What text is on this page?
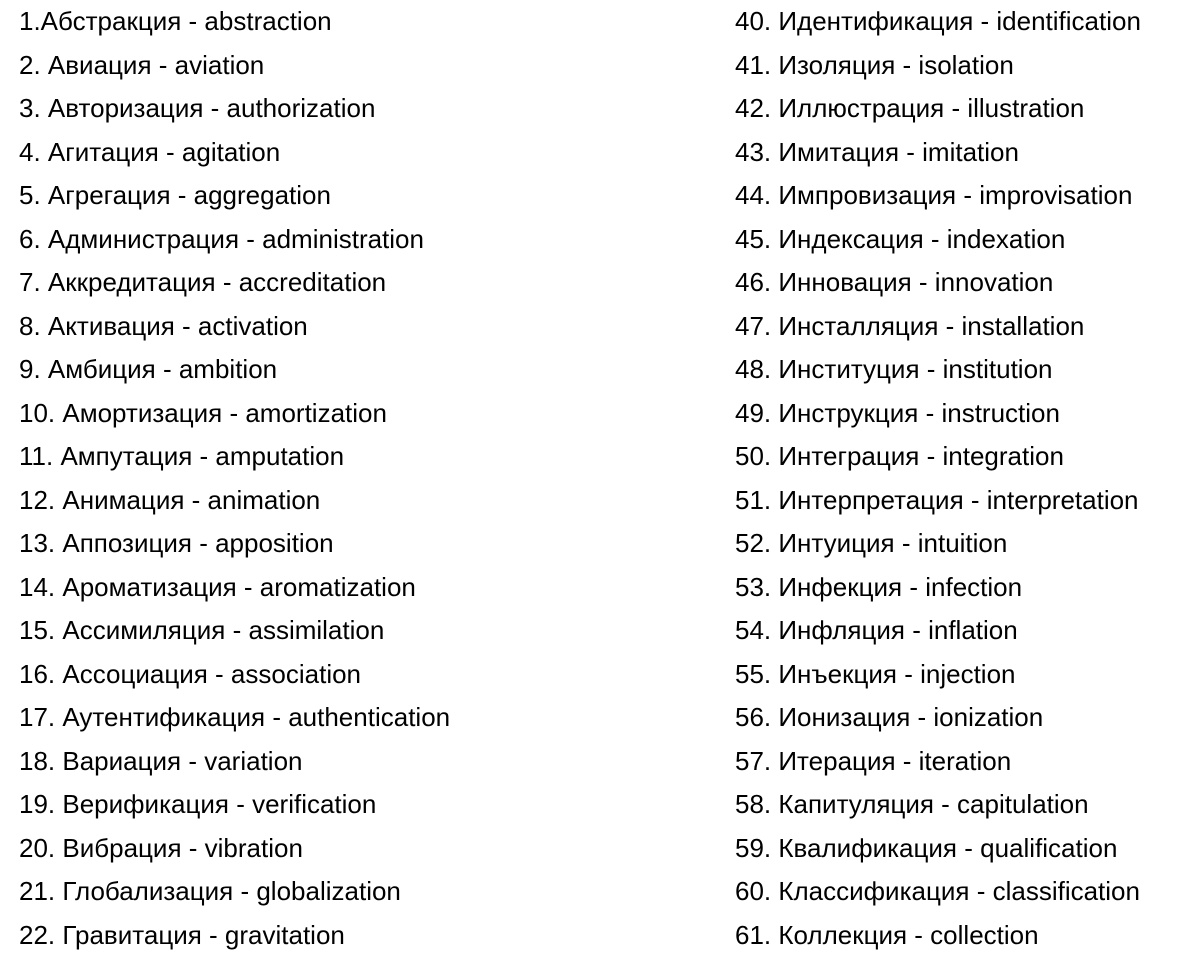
1.Абстракция - abstraction
2. Авиация - aviation
3. Авторизация - authorization
4. Агитация - agitation
5. Агрегация - aggregation
6. Администрация - administration
7. Аккредитация - accreditation
8. Активация - activation
9. Амбиция - ambition
10. Амортизация - amortization
11. Ампутация - amputation
12. Анимация - animation
13. Аппозиция - apposition
14. Ароматизация - aromatization
15. Ассимиляция - assimilation
16. Ассоциация - association
17. Аутентификация - authentication
18. Вариация - variation
19. Верификация - verification
20. Вибрация - vibration
21. Глобализация - globalization
22. Гравитация - gravitation
40. Идентификация - identification
41. Изоляция - isolation
42. Иллюстрация - illustration
43. Имитация - imitation
44. Импровизация - improvisation
45. Индексация - indexation
46. Инновация - innovation
47. Инсталляция - installation
48. Институция - institution
49. Инструкция - instruction
50. Интеграция - integration
51. Интерпретация - interpretation
52. Интуиция - intuition
53. Инфекция - infection
54. Инфляция - inflation
55. Инъекция - injection
56. Ионизация - ionization
57. Итерация - iteration
58. Капитуляция - capitulation
59. Квалификация - qualification
60. Классификация - classification
61. Коллекция - collection
